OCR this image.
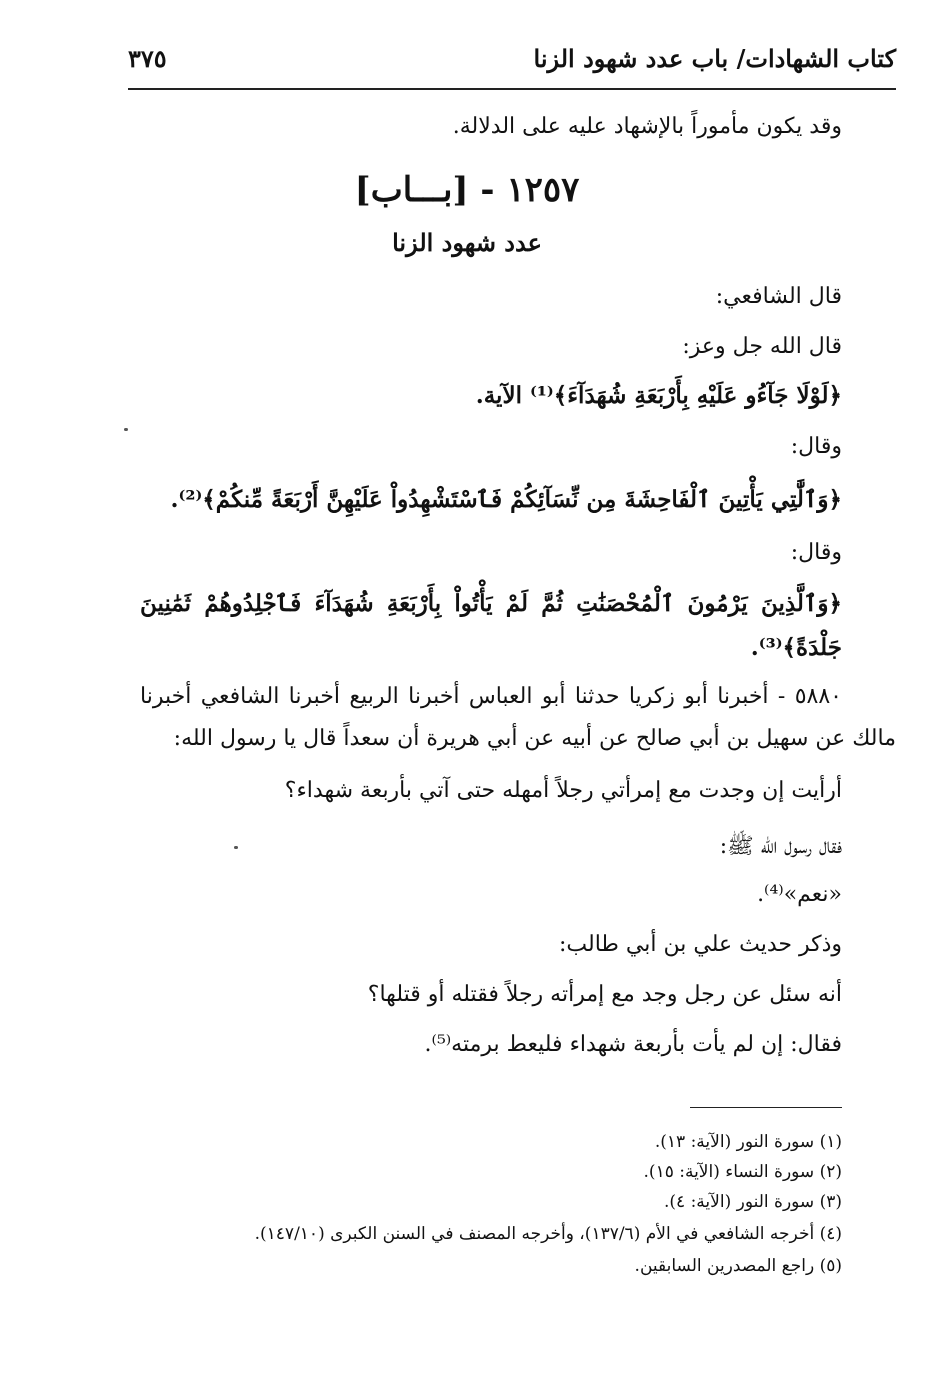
كتاب الشهادات/ باب عدد شهود الزنا
٣٧٥
وقد يكون مأموراً بالإشهاد عليه على الدلالة.
١٢٥٧ - [بـــاب]
عدد شهود الزنا
قال الشافعي:
قال الله جل وعز:
﴿لَوْلَا جَآءُو عَلَيْهِ بِأَرْبَعَةِ شُهَدَآءَ﴾⁽¹⁾ الآية.
وقال:
﴿وَٱلَّٰتِي يَأْتِينَ ٱلْفَاحِشَةَ مِن نِّسَآئِكُمْ فَٱسْتَشْهِدُواْ عَلَيْهِنَّ أَرْبَعَةً مِّنكُمْ﴾⁽²⁾.
وقال:
﴿وَٱلَّذِينَ يَرْمُونَ ٱلْمُحْصَنَٰتِ ثُمَّ لَمْ يَأْتُواْ بِأَرْبَعَةِ شُهَدَآءَ فَٱجْلِدُوهُمْ ثَمَٰنِينَ
جَلْدَةً﴾⁽³⁾.
٥٨٨٠ - أخبرنا أبو زكريا حدثنا أبو العباس أخبرنا الربيع أخبرنا الشافعي أخبرنا
مالك عن سهيل بن أبي صالح عن أبيه عن أبي هريرة أن سعداً قال يا رسول الله:
أرأيت إن وجدت مع إمرأتي رجلاً أمهله حتى آتي بأربعة شهداء؟
فقال رسول الله ﷺ:
«نعم»⁽⁴⁾.
وذكر حديث علي بن أبي طالب:
أنه سئل عن رجل وجد مع إمرأته رجلاً فقتله أو قتلها؟
فقال: إن لم يأت بأربعة شهداء فليعط برمته⁽⁵⁾.
(١) سورة النور (الآية: ١٣).
(٢) سورة النساء (الآية: ١٥).
(٣) سورة النور (الآية: ٤).
(٤) أخرجه الشافعي في الأم (١٣٧/٦)، وأخرجه المصنف في السنن الكبرى (١٤٧/١٠).
(٥) راجع المصدرين السابقين.
